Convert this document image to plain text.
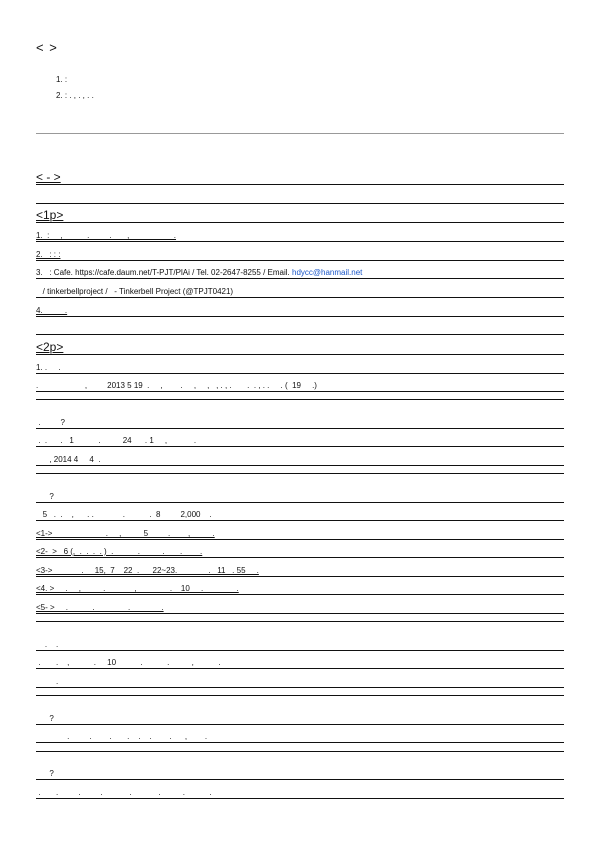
< >
1. :
2. : . , . , . .
< - >
<1p>
1.  :     ,           .         .       ,                    .
2.   : : :
3.   : Cafe. https://cafe.daum.net/T-PJT/PlAi / Tel. 02-2647-8255 / Email. hdycc@hanmail.net
/ tinkerbellproject /   - Tinkerbell Project (@TPJT0421)
4.          .
<2p>
1. .     .
.                     ,         2013 5 19  .     ,        .     ,     ,   , . , .       .  . , . .     . (  19     .)
.         ?
.  .      .   1           .          24      . 1     ,            .
, 2014 4     4  .
?
5   .  .    ,      . .             .           .  8         2,000    .
<1->                        .     ,          5         .        ,          .
<2-  >   6 (,  .  .  .  . )  .           .          .       .        .
<3->             .     15,  7    22  .      22~23.              .   11   . 55     .
<4. >     .     ,          .             ,               .    10     .               .
<5- >     .           .               .              .
.    .
.       .    ,           .     10           .           .          ,           .
.
?
.         .        .       .    .    .        .      ,        .
?
.       .         .         .            .            .          .           .
